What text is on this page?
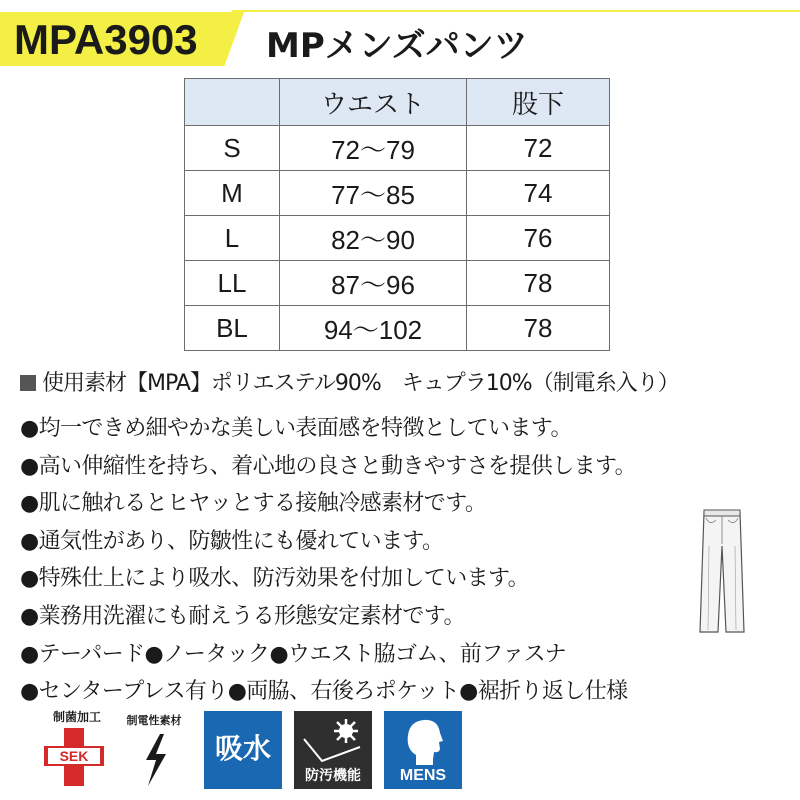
MPA3903 MPメンズパンツ
	ウエスト	股下
S	72〜79	72
M	77〜85	74
L	82〜90	76
LL	87〜96	78
BL	94〜102	78
使用素材【MPA】ポリエステル90%　キュプラ10%（制電糸入り）
●均一できめ細やかな美しい表面感を特徴としています。
●高い伸縮性を持ち、着心地の良さと動きやすさを提供します。
●肌に触れるとヒヤッとする接触冷感素材です。
●通気性があり、防皺性にも優れています。
●特殊仕上により吸水、防汚効果を付加しています。
●業務用洗濯にも耐えうる形態安定素材です。
●テーパード●ノータック●ウエスト脇ゴム、前ファスナ
●センタープレス有り●両脇、右後ろポケット●裾折り返し仕様
制菌加工
SEK
制電性素材
吸水
防汚機能	MENS
